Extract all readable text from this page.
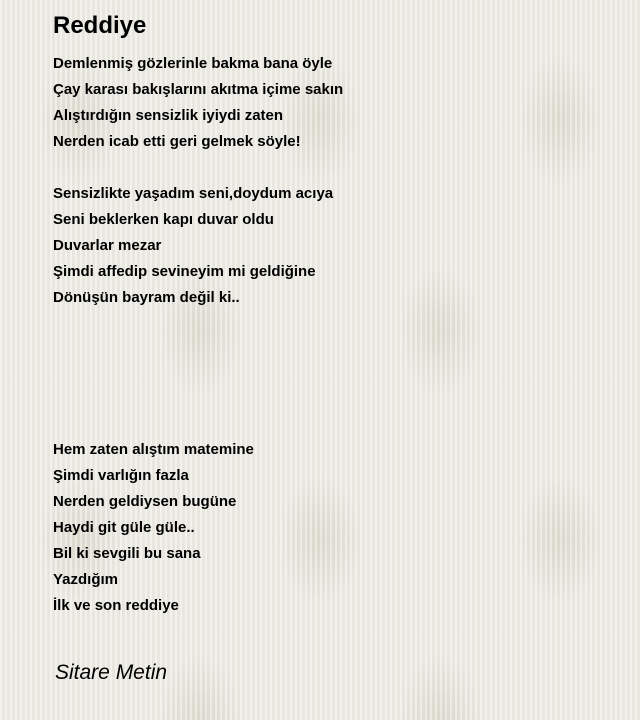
Reddiye

Demlenmiş gözlerinle bakma bana öyle

Çay karası bakışlarını akıtma içime sakın

Alıştırdığın sensizlik iyiydi zaten

Nerden icab etti geri gelmek söyle!

Sensizlikte yaşadım seni,doydum acıya

Seni beklerken kapı duvar oldu

Duvarlar mezar

Şimdi affedip sevineyim mi geldiğine

Dönüşün bayram değil ki..

Hem zaten alıştım matemine

Şimdi varlığın fazla

Nerden geldiysen bugüne

Haydi git güle güle..

Bil ki sevgili bu sana

Yazdığım

İlk ve son reddiye

Sitare Metin
